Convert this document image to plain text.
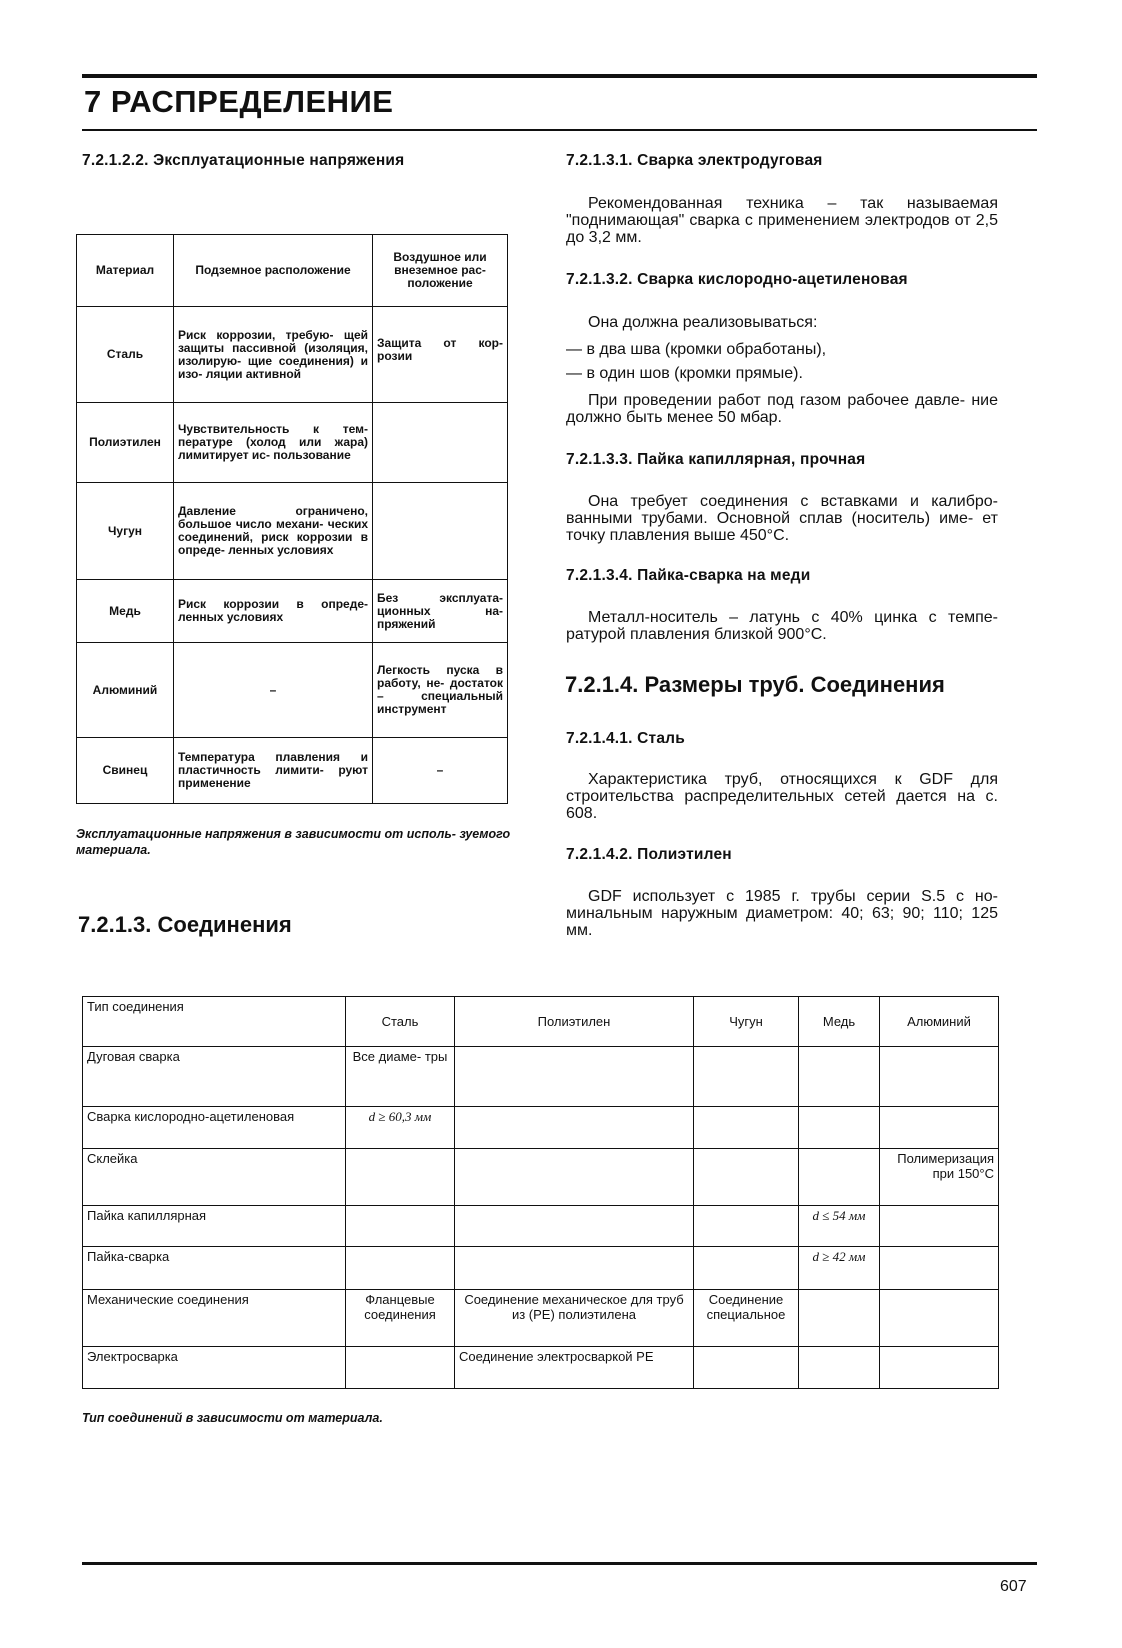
7 РАСПРЕДЕЛЕНИЕ
7.2.1.2.2. Эксплуатационные напряжения
Материал	Подземное расположение	Воздушное или внеземное рас- положение
Сталь	Риск коррозии, требую- щей защиты пассивной (изоляция, изолирую- щие соединения) и изо- ляции активной	Защита от кор- розии
Полиэтилен	Чувствительность к тем- пературе (холод или жара) лимитирует ис- пользование	
Чугун	Давление ограничено, большое число механи- ческих соединений, риск коррозии в опреде- ленных условиях	
Медь	Риск коррозии в опреде- ленных условиях	Без эксплуата- ционных на- пряжений
Алюминий	–	Легкость пуска в работу, не- достаток – специальный инструмент
Свинец	Температура плавления и пластичность лимити- руют применение	–
Эксплуатационные напряжения в зависимости от исполь- зуемого материала.
7.2.1.3. Соединения
7.2.1.3.1. Сварка электродуговая
Рекомендованная техника – так называемая "поднимающая" сварка с применением электродов от 2,5 до 3,2 мм.
7.2.1.3.2. Сварка кислородно-ацетиленовая
Она должна реализовываться:
— в два шва (кромки обработаны),
— в один шов (кромки прямые).
При проведении работ под газом рабочее давле- ние должно быть менее 50 мбар.
7.2.1.3.3. Пайка капиллярная, прочная
Она требует соединения с вставками и калибро- ванными трубами. Основной сплав (носитель) име- ет точку плавления выше 450°С.
7.2.1.3.4. Пайка-сварка на меди
Металл-носитель – латунь с 40% цинка с темпе- ратурой плавления близкой 900°С.
7.2.1.4. Размеры труб. Соединения
7.2.1.4.1. Сталь
Характеристика труб, относящихся к GDF для строительства распределительных сетей дается на с. 608.
7.2.1.4.2. Полиэтилен
GDF использует с 1985 г. трубы серии S.5 с но- минальным наружным диаметром: 40; 63; 90; 110; 125 мм.
Тип соединения	Сталь	Полиэтилен	Чугун	Медь	Алюминий
Дуговая сварка	Все диаме- тры				
Сварка кислородно-ацетиленовая	d ≥ 60,3 мм				
Склейка					Полимеризация при 150°С
Пайка капиллярная				d ≤ 54 мм	
Пайка-сварка				d ≥ 42 мм	
Механические соединения	Фланцевые соединения	Соединение механическое для труб из (РЕ) полиэтилена	Соединение специальное		
Электросварка		Соединение электросваркой РЕ			
Тип соединений в зависимости от материала.
607
